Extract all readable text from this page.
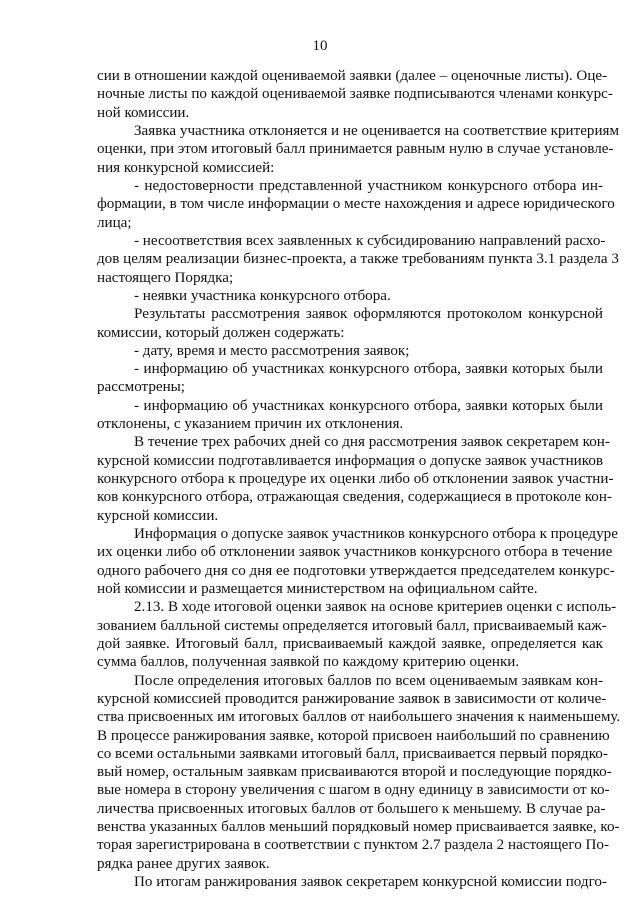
10
сии в отношении каждой оцениваемой заявки (далее – оценочные листы). Оце-
ночные листы по каждой оцениваемой заявке подписываются членами конкурс-
ной комиссии.
Заявка участника отклоняется и не оценивается на соответствие критериям
оценки, при этом итоговый балл принимается равным нулю в случае установле-
ния конкурсной комиссией:
- недостоверности представленной участником конкурсного отбора ин-
формации, в том числе информации о месте нахождения и адресе юридического
лица;
- несоответствия всех заявленных к субсидированию направлений расхо-
дов целям реализации бизнес-проекта, а также требованиям пункта 3.1 раздела 3
настоящего Порядка;
- неявки участника конкурсного отбора.
Результаты рассмотрения заявок оформляются протоколом конкурсной
комиссии, который должен содержать:
- дату, время и место рассмотрения заявок;
- информацию об участниках конкурсного отбора, заявки которых были
рассмотрены;
- информацию об участниках конкурсного отбора, заявки которых были
отклонены, с указанием причин их отклонения.
В течение трех рабочих дней со дня рассмотрения заявок секретарем кон-
курсной комиссии подготавливается информация о допуске заявок участников
конкурсного отбора к процедуре их оценки либо об отклонении заявок участни-
ков конкурсного отбора, отражающая сведения, содержащиеся в протоколе кон-
курсной комиссии.
Информация о допуске заявок участников конкурсного отбора к процедуре
их оценки либо об отклонении заявок участников конкурсного отбора в течение
одного рабочего дня со дня ее подготовки утверждается председателем конкурс-
ной комиссии и размещается министерством на официальном сайте.
2.13. В ходе итоговой оценки заявок на основе критериев оценки с исполь-
зованием балльной системы определяется итоговый балл, присваиваемый каж-
дой заявке. Итоговый балл, присваиваемый каждой заявке, определяется как
сумма баллов, полученная заявкой по каждому критерию оценки.
После определения итоговых баллов по всем оцениваемым заявкам кон-
курсной комиссией проводится ранжирование заявок в зависимости от количе-
ства присвоенных им итоговых баллов от наибольшего значения к наименьшему.
В процессе ранжирования заявке, которой присвоен наибольший по сравнению
со всеми остальными заявками итоговый балл, присваивается первый порядко-
вый номер, остальным заявкам присваиваются второй и последующие порядко-
вые номера в сторону увеличения с шагом в одну единицу в зависимости от ко-
личества присвоенных итоговых баллов от большего к меньшему. В случае ра-
венства указанных баллов меньший порядковый номер присваивается заявке, ко-
торая зарегистрирована в соответствии с пунктом 2.7 раздела 2 настоящего По-
рядка ранее других заявок.
По итогам ранжирования заявок секретарем конкурсной комиссии подго-
